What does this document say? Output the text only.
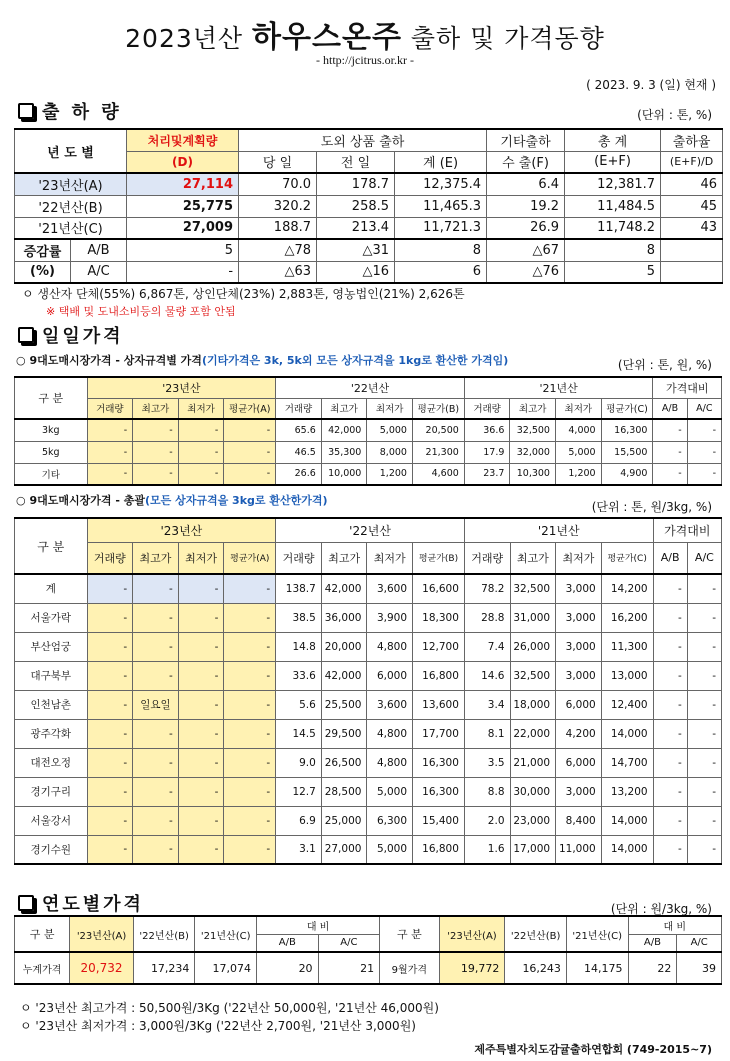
2023년산 하우스온주 출하 및 가격동향
- http://jcitrus.or.kr -
( 2023. 9. 3 (일) 현재 )
출 하 량	(단위 : 톤, %)
년 도 별		처리및계획량	도외 상품 출하			기타출하	총 계	출하율
		(D)	당 일	전 일	계 (E)	수 출(F)	(E+F)	(E+F)/D
'23년산(A)		27,114	70.0	178.7	12,375.4	6.4	12,381.7	46
'22년산(B)		25,775	320.2	258.5	11,465.3	19.2	11,484.5	45
'21년산(C)		27,009	188.7	213.4	11,721.3	26.9	11,748.2	43
증감률	A/B	5	△78	△31	8	△67	8	
(%)	A/C	-	△63	△16	6	△76	5	
ㅇ 생산자 단체(55%) 6,867톤, 상인단체(23%) 2,883톤, 영농법인(21%) 2,626톤
※ 택배 및 도내소비등의 물량 포함 안됨
일일가격
○ 9대도매시장가격 - 상자규격별 가격(기타가격은 3k, 5k외 모든 상자규격을 1kg로 환산한 가격임)	(단위 : 톤, 원, %)
구 분	'23년산				'22년산				'21년산				가격대비	
	거래량	최고가	최저가	평균가(A)	거래량	최고가	최저가	평균가(B)	거래량	최고가	최저가	평균가(C)	A/B	A/C
3kg	-	-	-	-	65.6	42,000	5,000	20,500	36.6	32,500	4,000	16,300	-	-
5kg	-	-	-	-	46.5	35,300	8,000	21,300	17.9	32,000	5,000	15,500	-	-
기타	-	-	-	-	26.6	10,000	1,200	4,600	23.7	10,300	1,200	4,900	-	-
○ 9대도매시장가격 - 총괄(모든 상자규격을 3kg로 환산한가격)	(단위 : 톤, 원/3kg, %)
구 분	'23년산				'22년산				'21년산				가격대비	
	거래량	최고가	최저가	평균가(A)	거래량	최고가	최저가	평균가(B)	거래량	최고가	최저가	평균가(C)	A/B	A/C
계	-	-	-	-	138.7	42,000	3,600	16,600	78.2	32,500	3,000	14,200	-	-
서울가락	-	-	-	-	38.5	36,000	3,900	18,300	28.8	31,000	3,000	16,200	-	-
부산엄궁	-	-	-	-	14.8	20,000	4,800	12,700	7.4	26,000	3,000	11,300	-	-
대구북부	-	-	-	-	33.6	42,000	6,000	16,800	14.6	32,500	3,000	13,000	-	-
인천남촌	-	일요일	-	-	5.6	25,500	3,600	13,600	3.4	18,000	6,000	12,400	-	-
광주각화	-	-	-	-	14.5	29,500	4,800	17,700	8.1	22,000	4,200	14,000	-	-
대전오정	-	-	-	-	9.0	26,500	4,800	16,300	3.5	21,000	6,000	14,700	-	-
경기구리	-	-	-	-	12.7	28,500	5,000	16,300	8.8	30,000	3,000	13,200	-	-
서울강서	-	-	-	-	6.9	25,000	6,300	15,400	2.0	23,000	8,400	14,000	-	-
경기수원	-	-	-	-	3.1	27,000	5,000	16,800	1.6	17,000	11,000	14,000	-	-
연도별가격	(단위 : 원/3kg, %)
구 분	'23년산(A)	'22년산(B)	'21년산(C)	대 비		구 분	'23년산(A)	'22년산(B)	'21년산(C)	대 비	
				A/B	A/C					A/B	A/C
누계가격	20,732	17,234	17,074	20	21	9월가격	19,772	16,243	14,175	22	39
ㅇ '23년산 최고가격 : 50,500원/3Kg ('22년산 50,000원, '21년산 46,000원)
ㅇ '23년산 최저가격 : 3,000원/3Kg ('22년산 2,700원, '21년산 3,000원)
제주특별자치도감귤출하연합회 (749-2015~7)
